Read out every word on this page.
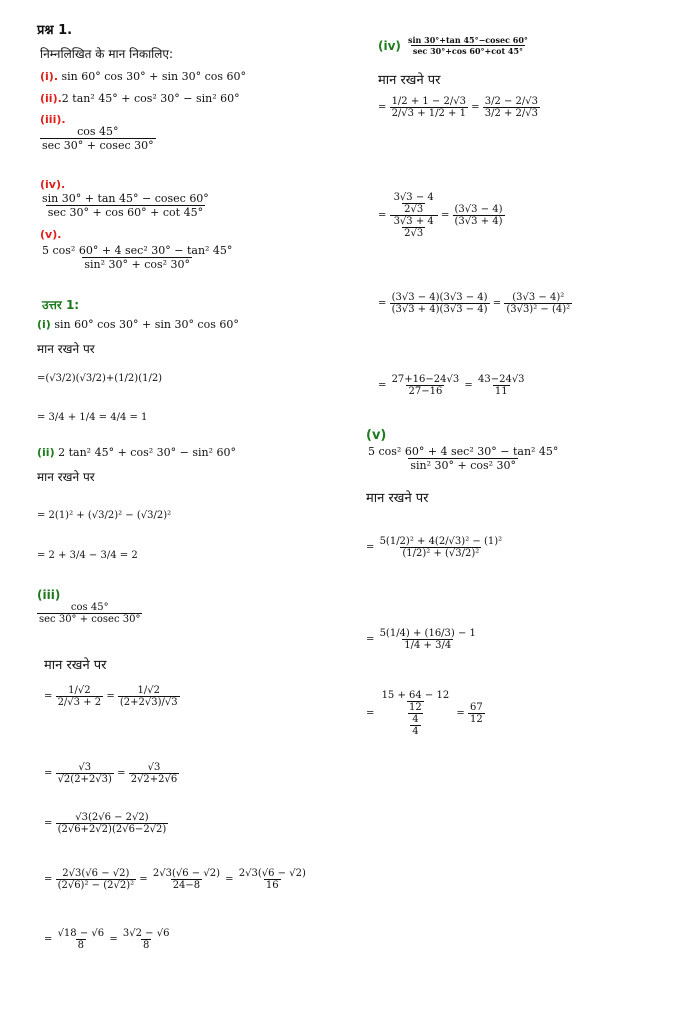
प्रश्न 1.
निम्नलिखित के मान निकालिए:
(i). sin 60° cos 30° + sin 30° cos 60°
(ii).2 tan² 45° + cos² 30° − sin² 60°
(iii).
$\frac{\cos 45^\circ}{\sec 30^\circ + cosec 30^\circ}$
(iv).
$\frac{\sin 30^\circ + \tan 45^\circ - cosec 60^\circ}{\sec 30^\circ + \cos 60^\circ + \cot 45^\circ}$
(v).
$\frac{\text{5 cos² 60° + 4 sec² 30° − tan² 45°}}{\text{sin² 30° + cos² 30°}}$
उत्तर 1:
(i) sin 60° cos 30° + sin 30° cos 60°
मान रखने पर
=(√3/2)(√3/2)+(1/2)(1/2)
= 3/4 + 1/4 = 4/4 = 1
(ii) 2 tan² 45° + cos² 30° − sin² 60°
मान रखने पर
= 2(1)² + (√3/2)² − (√3/2)²
= 2 + 3/4 − 3/4 = 2
(iii)
$\frac{\cos 45^\circ}{\sec 30^\circ + cosec 30^\circ}$
मान रखने पर
= $\frac{1/√2}{2/√3 + 2} = \frac{1/√2}{(2+2√3)/√3}$
= $\frac{√3}{√2(2+2√3)} = \frac{√3}{2√2+2√6}$
= $\frac{√3(2√6 - 2√2)}{(2√6+2√2)(2√6-2√2)}$
= $\frac{2√3(√6 - √2)}{\text{(2√6)² − (2√2)²}} = \frac{2√3(√6 - √2)}{24-8} = \frac{2√3(√6 - √2)}{16}$
= $\frac{√18 - √6}{8} = \frac{3√2 - √6}{8}$
$(iv) \frac{\sin 30^\circ+\tan 45^\circ-cosec 60^\circ}{\sec 30^\circ+\cos 60^\circ+\cot 45^\circ}$
मान रखने पर
= $\frac{1/2 + 1 - 2/√3}{2/√3 + 1/2 + 1} = \frac{3/2 - 2/√3}{3/2 + 2/√3}$
= $\frac{\frac{3√3 - 4}{2√3}}{\frac{3√3 + 4}{2√3}} = \frac{(3√3 - 4)}{(3√3 + 4)}$
= $\frac{(3√3 - 4)(3√3 - 4)}{(3√3 + 4)(3√3 - 4)} = \frac{\text{(3√3 − 4)²}}{\text{(3√3)² − (4)²}}$
= $\frac{27+16-24√3}{27-16} = \frac{43-24√3}{11}$
(v)
$\frac{\text{5 cos² 60° + 4 sec² 30° − tan² 45°}}{\text{sin² 30° + cos² 30°}}$
मान रखने पर
= $\frac{\text{5(1/2)² + 4(2/√3)² − (1)²}}{\text{(1/2)² + (√3/2)²}}$
= $\frac{5(1/4) + (16/3) - 1}{1/4 + 3/4}$
= $\frac{\frac{15 + 64 - 12}{12}}{\frac{4}{4}} = \frac{67}{12}$
